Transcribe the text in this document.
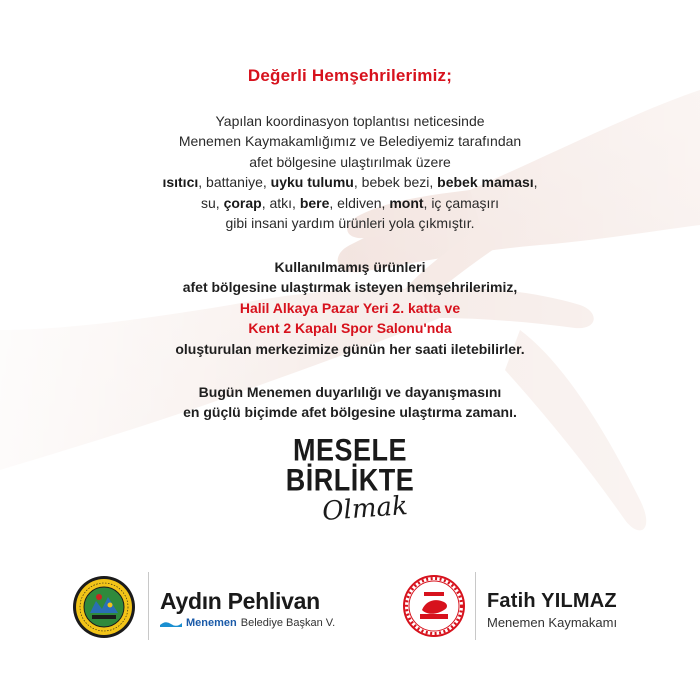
Değerli Hemşehrilerimiz;
Yapılan koordinasyon toplantısı neticesinde
Menemen Kaymakamlığımız ve Belediyemiz tarafından
afet bölgesine ulaştırılmak üzere
ısıtıcı, battaniye, uyku tulumu, bebek bezi, bebek maması,
su, çorap, atkı, bere, eldiven, mont, iç çamaşırı
gibi insani yardım ürünleri yola çıkmıştır.
Kullanılmamış ürünleri
afet bölgesine ulaştırmak isteyen hemşehrilerimiz,
Halil Alkaya Pazar Yeri 2. katta ve
Kent 2 Kapalı Spor Salonu'nda
oluşturulan merkezimize günün her saati iletebilirler.
Bugün Menemen duyarlılığı ve dayanışmasını
en güçlü biçimde afet bölgesine ulaştırma zamanı.
MESELE
BİRLİKTE
Olmak
Aydın Pehlivan
Menemen Belediye Başkan V.
Fatih YILMAZ
Menemen Kaymakamı
